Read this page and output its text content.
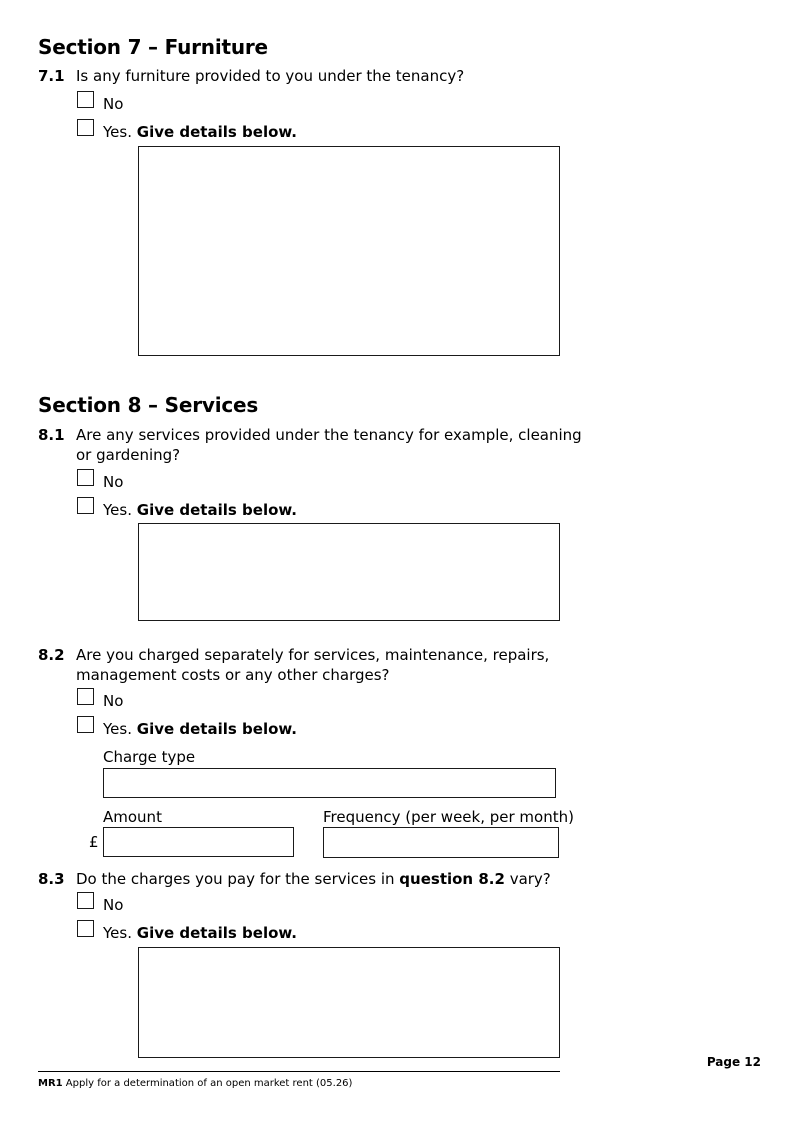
Section 7 – Furniture
7.1 Is any furniture provided to you under the tenancy?
No
Yes. Give details below.
Section 8 – Services
8.1 Are any services provided under the tenancy for example, cleaning
or gardening?
No
Yes. Give details below.
8.2 Are you charged separately for services, maintenance, repairs,
management costs or any other charges?
No
Yes. Give details below.
Charge type
Amount
£
Frequency (per week, per month)
8.3 Do the charges you pay for the services in question 8.2 vary?
No
Yes. Give details below.
Page 12
MR1 Apply for a determination of an open market rent (05.26)
